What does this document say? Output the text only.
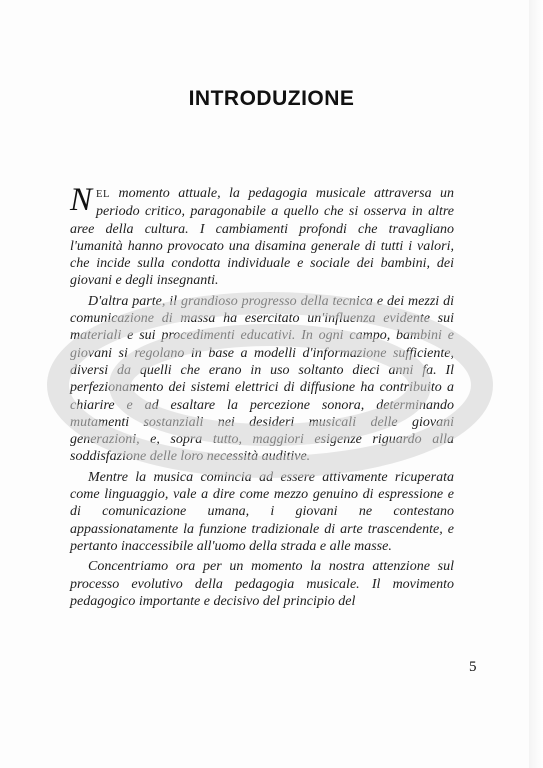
INTRODUZIONE

NEL momento attuale, la pedagogia musicale attraversa un periodo critico, paragonabile a quello che si osserva in altre aree della cultura. I cambiamenti profondi che travagliano l'umanità hanno provocato una disamina generale di tutti i valori, che incide sulla condotta individuale e sociale dei bambini, dei giovani e degli insegnanti.

D'altra parte, il grandioso progresso della tecnica e dei mezzi di comunicazione di massa ha esercitato un'influenza evidente sui materiali e sui procedimenti educativi. In ogni campo, bambini e giovani si regolano in base a modelli d'informazione sufficiente, diversi da quelli che erano in uso soltanto dieci anni fa. Il perfezionamento dei sistemi elettrici di diffusione ha contribuito a chiarire e ad esaltare la percezione sonora, determinando mutamenti sostanziali nei desideri musicali delle giovani generazioni, e, sopra tutto, maggiori esigenze riguardo alla soddisfazione delle loro necessità auditive.

Mentre la musica comincia ad essere attivamente ricuperata come linguaggio, vale a dire come mezzo genuino di espressione e di comunicazione umana, i giovani ne contestano appassionatamente la funzione tradizionale di arte trascendente, e pertanto inaccessibile all'uomo della strada e alle masse.

Concentriamo ora per un momento la nostra attenzione sul processo evolutivo della pedagogia musicale. Il movimento pedagogico importante e decisivo del principio del

5
